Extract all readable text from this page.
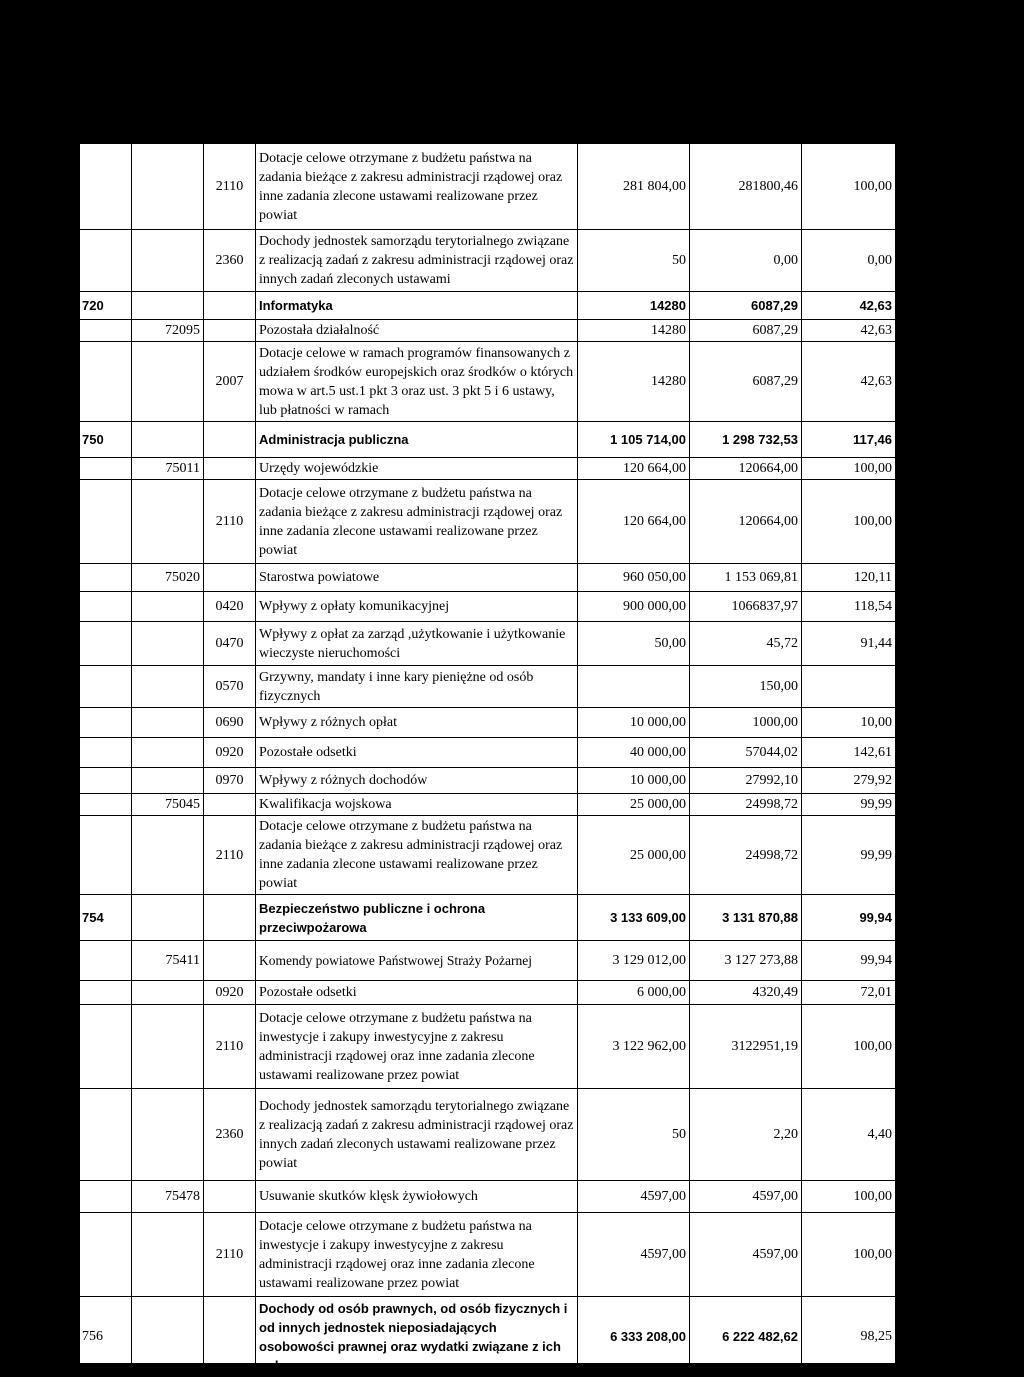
		2110	Dotacje celowe otrzymane z budżetu państwa na zadania bieżące z zakresu administracji rządowej oraz inne zadania zlecone ustawami realizowane przez powiat	281 804,00	281800,46	100,00
		2360	Dochody jednostek samorządu terytorialnego związane z realizacją zadań z zakresu administracji rządowej oraz innych zadań zleconych ustawami	50	0,00	0,00
720			Informatyka	14280	6087,29	42,63
	72095		Pozostała działalność	14280	6087,29	42,63
		2007	Dotacje celowe w ramach programów finansowanych z udziałem środków europejskich oraz środków o których mowa w art.5 ust.1 pkt 3 oraz ust. 3 pkt 5 i 6 ustawy, lub płatności w ramach	14280	6087,29	42,63
750			Administracja publiczna	1 105 714,00	1 298 732,53	117,46
	75011		Urzędy wojewódzkie	120 664,00	120664,00	100,00
		2110	Dotacje celowe otrzymane z budżetu państwa na zadania bieżące z zakresu administracji rządowej oraz inne zadania zlecone ustawami realizowane przez powiat	120 664,00	120664,00	100,00
	75020		Starostwa powiatowe	960 050,00	1 153 069,81	120,11
		0420	Wpływy z opłaty komunikacyjnej	900 000,00	1066837,97	118,54
		0470	Wpływy z opłat za zarząd ,użytkowanie i użytkowanie wieczyste nieruchomości	50,00	45,72	91,44
		0570	Grzywny, mandaty i inne kary pieniężne od osób fizycznych		150,00	
		0690	Wpływy z różnych opłat	10 000,00	1000,00	10,00
		0920	Pozostałe odsetki	40 000,00	57044,02	142,61
		0970	Wpływy z różnych dochodów	10 000,00	27992,10	279,92
	75045		Kwalifikacja wojskowa	25 000,00	24998,72	99,99
		2110	Dotacje celowe otrzymane z budżetu państwa na zadania bieżące z zakresu administracji rządowej oraz inne zadania zlecone ustawami realizowane przez powiat	25 000,00	24998,72	99,99
754			Bezpieczeństwo publiczne i ochrona przeciwpożarowa	3 133 609,00	3 131 870,88	99,94
	75411		Komendy powiatowe Państwowej Straży Pożarnej	3 129 012,00	3 127 273,88	99,94
		0920	Pozostałe odsetki	6 000,00	4320,49	72,01
		2110	Dotacje celowe otrzymane z budżetu państwa na inwestycje i zakupy inwestycyjne z zakresu administracji rządowej oraz inne zadania zlecone ustawami realizowane przez powiat	3 122 962,00	3122951,19	100,00
		2360	Dochody jednostek samorządu terytorialnego związane z realizacją zadań z zakresu administracji rządowej oraz innych zadań zleconych ustawami realizowane przez powiat	50	2,20	4,40
	75478		Usuwanie skutków klęsk żywiołowych	4597,00	4597,00	100,00
		2110	Dotacje celowe otrzymane z budżetu państwa na inwestycje i zakupy inwestycyjne z zakresu administracji rządowej oraz inne zadania zlecone ustawami realizowane przez powiat	4597,00	4597,00	100,00
756			Dochody od osób prawnych, od osób fizycznych i od innych jednostek nieposiadających osobowości prawnej oraz wydatki związane z ich poborem	6 333 208,00	6 222 482,62	98,25
